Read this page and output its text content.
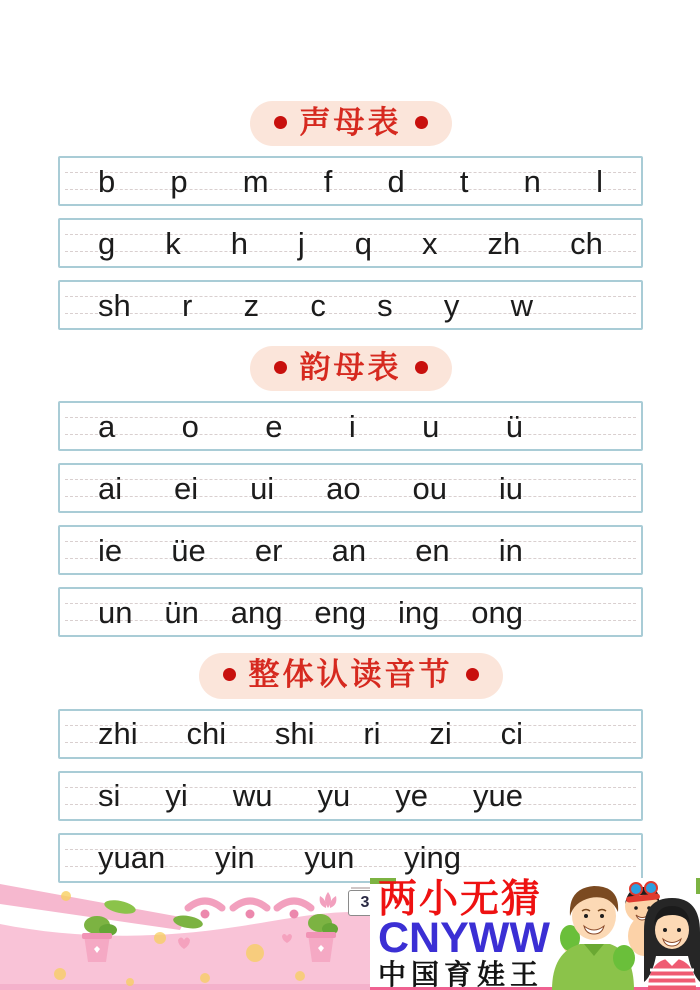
声母表
b p m f d t n l
g k h j q x zh ch
sh r z c s y w
韵母表
a o e i u ü
ai ei ui ao ou iu
ie üe er an en in
un ün ang eng ing ong
整体认读音节
zhi chi shi ri zi ci
si yi wu yu ye yue
yuan yin yun ying
3 两小无猜
CNYWW
中国育娃王
